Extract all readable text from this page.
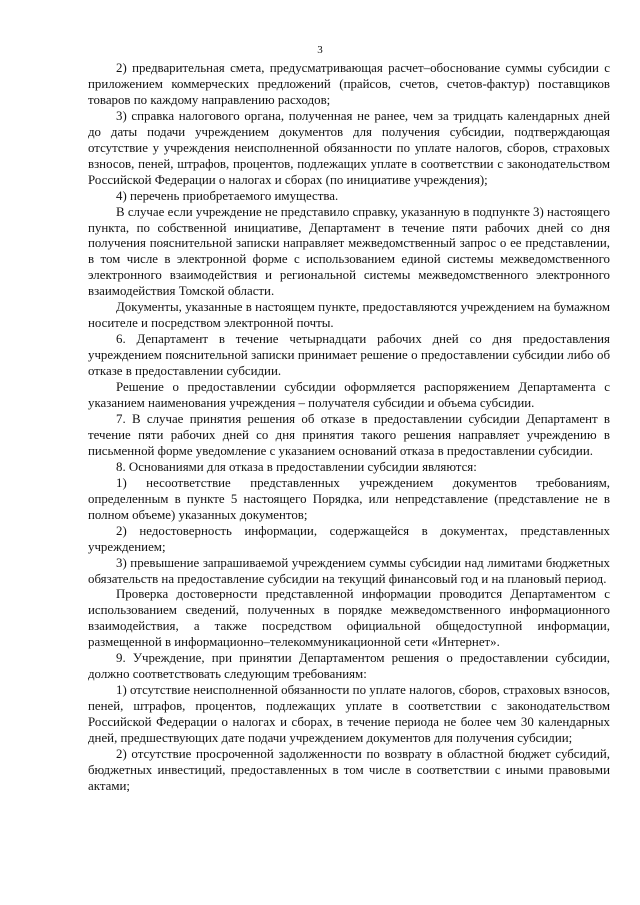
3

2) предварительная смета, предусматривающая расчет–обоснование суммы субсидии с приложением коммерческих предложений (прайсов, счетов, счетов-фактур) поставщиков товаров по каждому направлению расходов;

3) справка налогового органа, полученная не ранее, чем за тридцать календарных дней до даты подачи учреждением документов для получения субсидии, подтверждающая отсутствие у учреждения неисполненной обязанности по уплате налогов, сборов, страховых взносов, пеней, штрафов, процентов, подлежащих уплате в соответствии с законодательством Российской Федерации о налогах и сборах (по инициативе учреждения);

4) перечень приобретаемого имущества.

В случае если учреждение не представило справку, указанную в подпункте 3) настоящего пункта, по собственной инициативе, Департамент в течение пяти рабочих дней со дня получения пояснительной записки направляет межведомственный запрос о ее представлении, в том числе в электронной форме с использованием единой системы межведомственного электронного взаимодействия и региональной системы межведомственного электронного взаимодействия Томской области.

Документы, указанные в настоящем пункте, предоставляются учреждением на бумажном носителе и посредством электронной почты.

6. Департамент в течение четырнадцати рабочих дней со дня предоставления учреждением пояснительной записки принимает решение о предоставлении субсидии либо об отказе в предоставлении субсидии.

Решение о предоставлении субсидии оформляется распоряжением Департамента с указанием наименования учреждения – получателя субсидии и объема субсидии.

7. В случае принятия решения об отказе в предоставлении субсидии Департамент в течение пяти рабочих дней со дня принятия такого решения направляет учреждению в письменной форме уведомление с указанием оснований отказа в предоставлении субсидии.

8. Основаниями для отказа в предоставлении субсидии являются:

1) несоответствие представленных учреждением документов требованиям, определенным в пункте 5 настоящего Порядка, или непредставление (представление не в полном объеме) указанных документов;

2) недостоверность информации, содержащейся в документах, представленных учреждением;

3) превышение запрашиваемой учреждением суммы субсидии над лимитами бюджетных обязательств на предоставление субсидии на текущий финансовый год и на плановый период.

Проверка достоверности представленной информации проводится Департаментом с использованием сведений, полученных в порядке межведомственного информационного взаимодействия, а также посредством официальной общедоступной информации, размещенной в информационно–телекоммуникационной сети «Интернет».

9. Учреждение, при принятии Департаментом решения о предоставлении субсидии, должно соответствовать следующим требованиям:

1) отсутствие неисполненной обязанности по уплате налогов, сборов, страховых взносов, пеней, штрафов, процентов, подлежащих уплате в соответствии с законодательством Российской Федерации о налогах и сборах, в течение периода не более чем 30 календарных дней, предшествующих дате подачи учреждением документов для получения субсидии;

2) отсутствие просроченной задолженности по возврату в областной бюджет субсидий, бюджетных инвестиций, предоставленных в том числе в соответствии с иными правовыми актами;
